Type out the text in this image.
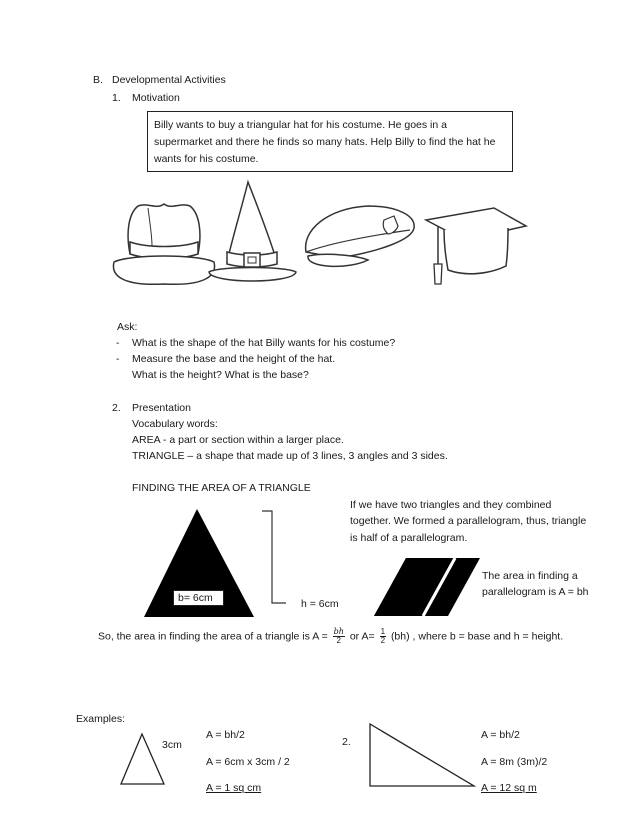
B. Developmental Activities
1. Motivation
Billy wants to buy a triangular hat for his costume. He goes in a supermarket and there he finds so many hats. Help Billy to find the hat he wants for his costume.
Ask:
- What is the shape of the hat Billy wants for his costume?
- Measure the base and the height of the hat.
What is the height? What is the base?
2. Presentation
Vocabulary words:
AREA - a part or section within a larger place.
TRIANGLE – a shape that made up of 3 lines, 3 angles and 3 sides.
FINDING THE AREA OF A TRIANGLE
b= 6cm	h = 6cm
If we have two triangles and they combined together. We formed a parallelogram, thus, triangle is half of a parallelogram.
The area in finding a parallelogram is A = bh
So, the area in finding the area of a triangle is $A = \frac{bh}{2}$ or $A= \frac{1}{2} (bh)$ , where b = base and h = height.
Examples:
3cm
A = bh/2
A = 6cm x 3cm / 2
A = 1 sq cm
2.
A = bh/2
A = 8m (3m)/2
A = 12 sq m
